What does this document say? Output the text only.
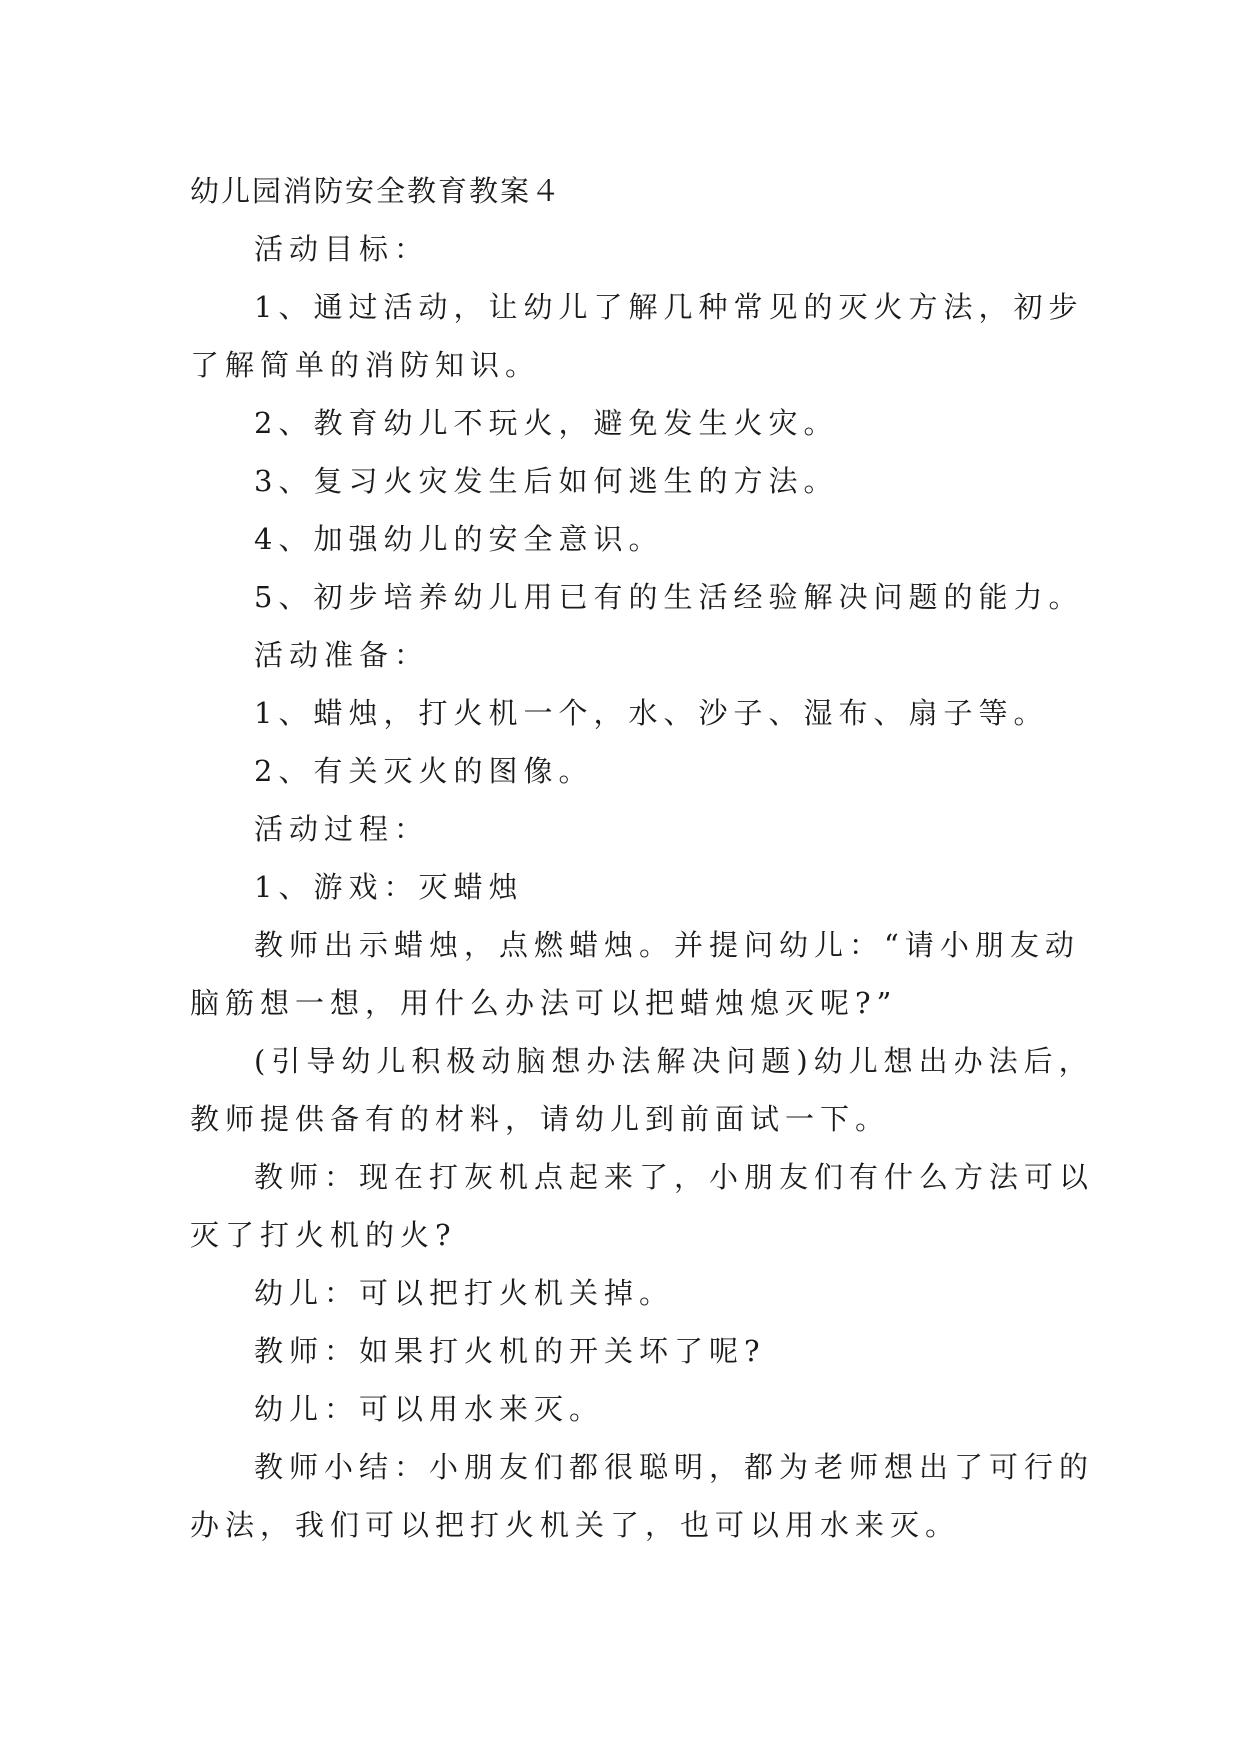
幼儿园消防安全教育教案４

活动目标：

1、通过活动，让幼儿了解几种常见的灭火方法，初步

了解简单的消防知识。

2、教育幼儿不玩火，避免发生火灾。

3、复习火灾发生后如何逃生的方法。

4、加强幼儿的安全意识。

5、初步培养幼儿用已有的生活经验解决问题的能力。

活动准备：

1、蜡烛，打火机一个，水、沙子、湿布、扇子等。

2、有关灭火的图像。

活动过程：

1、游戏：灭蜡烛

教师出示蜡烛，点燃蜡烛。并提问幼儿：“请小朋友动

脑筋想一想，用什么办法可以把蜡烛熄灭呢?”

(引导幼儿积极动脑想办法解决问题)幼儿想出办法后，

教师提供备有的材料，请幼儿到前面试一下。

教师：现在打灰机点起来了，小朋友们有什么方法可以

灭了打火机的火?

幼儿：可以把打火机关掉。

教师：如果打火机的开关坏了呢?

幼儿：可以用水来灭。

教师小结：小朋友们都很聪明，都为老师想出了可行的

办法，我们可以把打火机关了，也可以用水来灭。
